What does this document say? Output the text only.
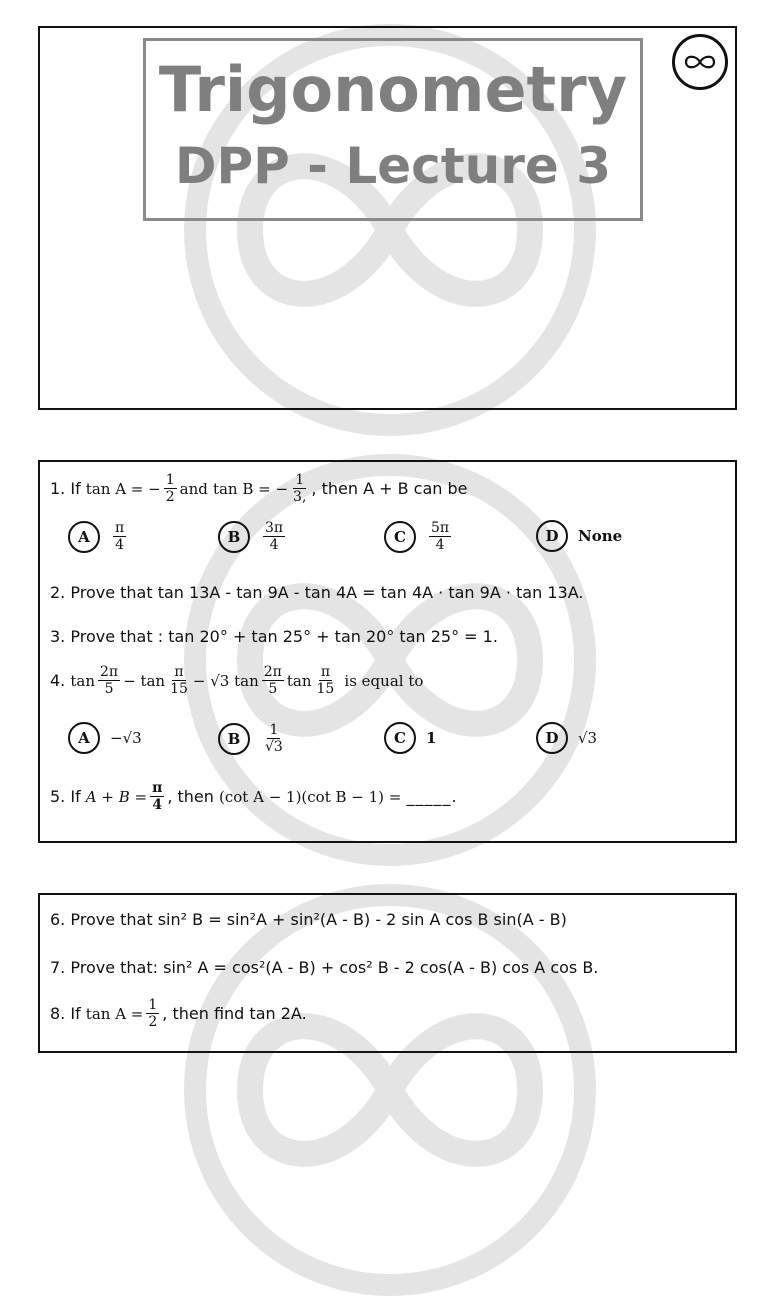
Trigonometry
DPP - Lecture 3
1. If
tan A = − $\frac{1}{2}$ and
tan B = − $\frac{1}{3,}$ , then A + B can be
A	$\frac{\pi}{4}$	B	$\frac{3\pi}{4}$	C	$\frac{5\pi}{4}$	D	None
2. Prove that tan 13A - tan 9A - tan 4A = tan 4A · tan 9A · tan 13A.
3. Prove that : tan 20° + tan 25° + tan 20° tan 25° = 1.
4.
$\tan \frac{2\pi}{5} - \tan \frac{\pi}{15} - √3$ $\tan \frac{2\pi}{5}$ $\tan \frac{\pi}{15}$
is equal to
A	−√3	B	$\frac{1}{√3}$	C	1	D	√3
5. If
$A + B = \frac{\pi}{4}$ , then
(cot A − 1)(cot B − 1) =
_____.
6. Prove that sin² B = sin²A + sin²(A - B) - 2 sin A cos B sin(A - B)
7. Prove that: sin² A = cos²(A - B) + cos² B - 2 cos(A - B) cos A cos B.
8. If
$\tan A = \frac{1}{2}$ , then find tan 2A.
